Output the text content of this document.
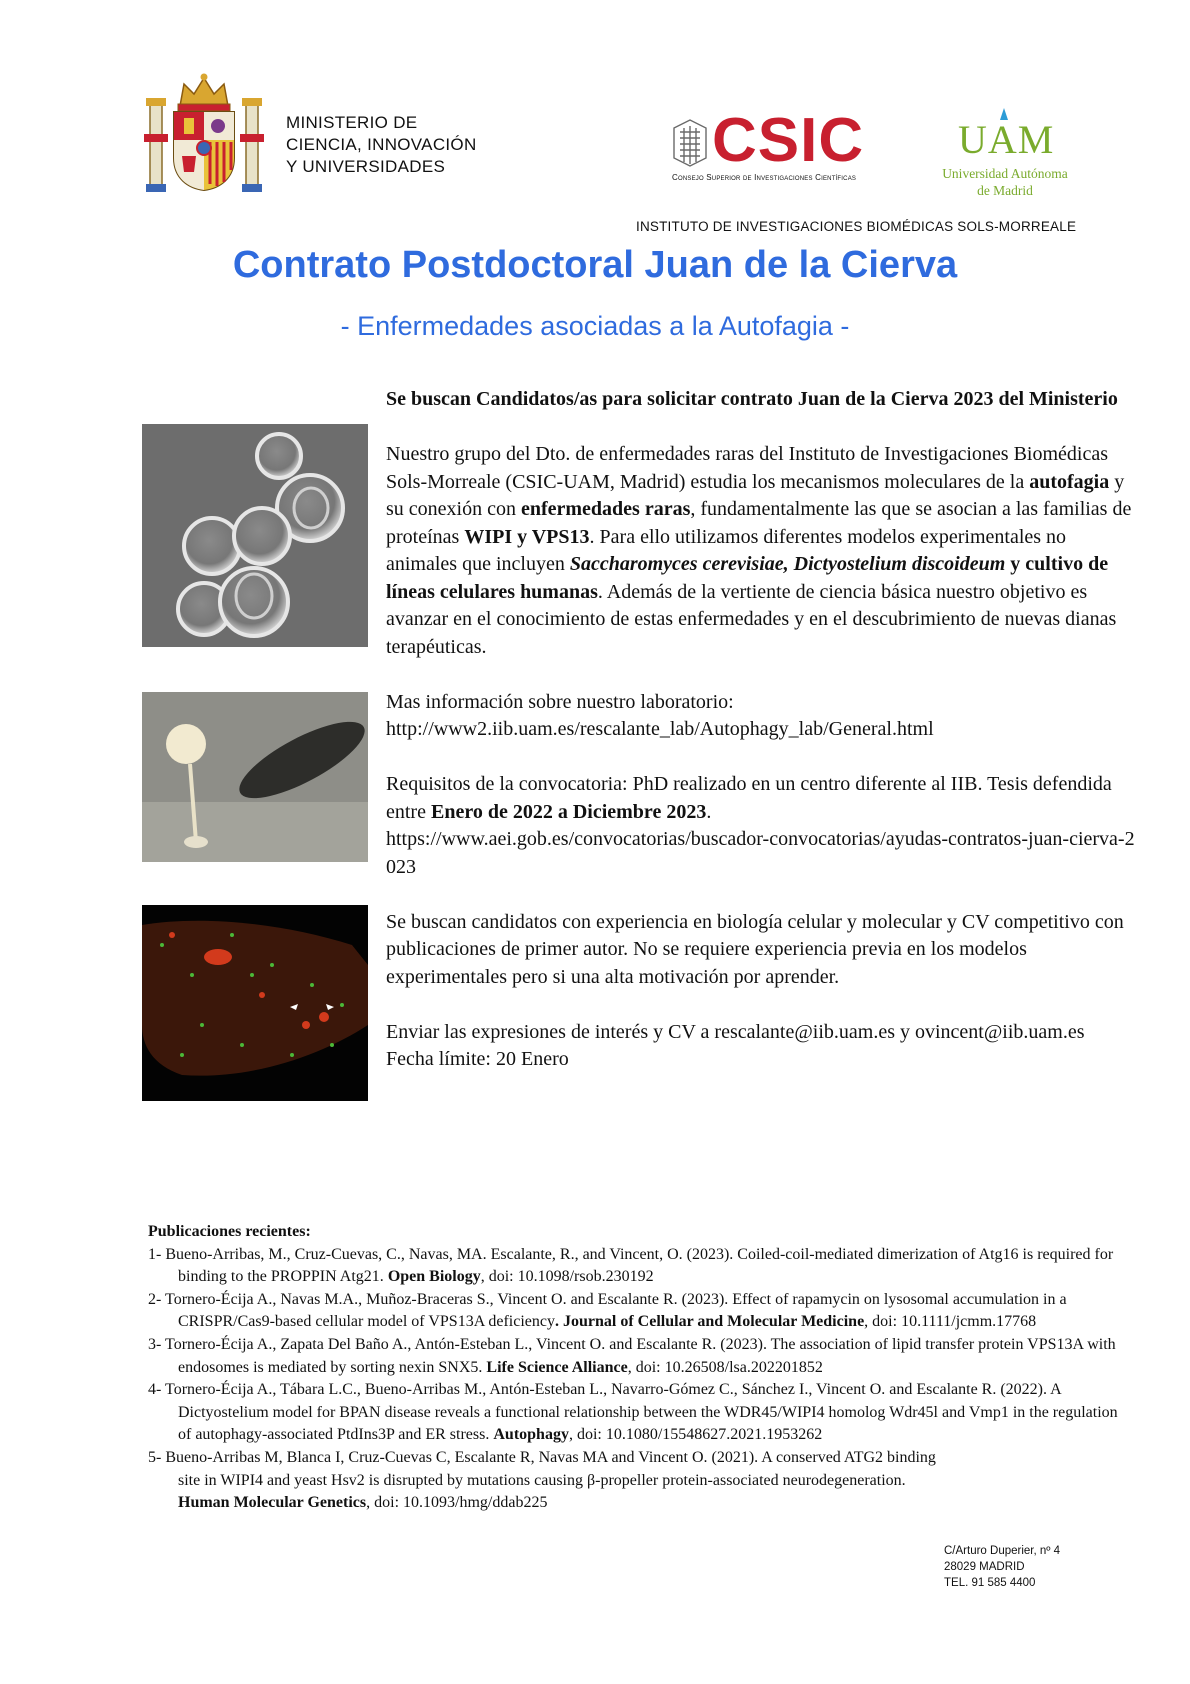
MINISTERIO DE
CIENCIA, INNOVACIÓN
Y UNIVERSIDADES	CSIC
Consejo Superior de Investigaciones Científicas
UAM
Universidad Autónoma
de Madrid
INSTITUTO DE INVESTIGACIONES BIOMÉDICAS SOLS-MORREALE
Contrato Postdoctoral Juan de la Cierva
- Enfermedades asociadas a la Autofagia -

Se buscan Candidatos/as para solicitar contrato Juan de la Cierva 2023 del Ministerio

Nuestro grupo del Dto. de enfermedades raras del Instituto de Investigaciones Biomédicas Sols-Morreale (CSIC-UAM, Madrid) estudia los mecanismos moleculares de la autofagia y su conexión con enfermedades raras, fundamentalmente las que se asocian a las familias de proteínas WIPI y VPS13. Para ello utilizamos diferentes modelos experimentales no animales que incluyen Saccharomyces cerevisiae, Dictyostelium discoideum y cultivo de líneas celulares humanas. Además de la vertiente de ciencia básica nuestro objetivo es avanzar en el conocimiento de estas enfermedades y en el descubrimiento de nuevas dianas terapéuticas.

Mas información sobre nuestro laboratorio:
http://www2.iib.uam.es/rescalante_lab/Autophagy_lab/General.html

Requisitos de la convocatoria: PhD realizado en un centro diferente al IIB. Tesis defendida entre Enero de 2022 a Diciembre 2023.
https://www.aei.gob.es/convocatorias/buscador-convocatorias/ayudas-contratos-juan-cierva-2023

Se buscan candidatos con experiencia en biología celular y molecular y CV competitivo con publicaciones de primer autor. No se requiere experiencia previa en los modelos experimentales pero si una alta motivación por aprender.

Enviar las expresiones de interés y CV a rescalante@iib.uam.es y ovincent@iib.uam.es
Fecha límite: 20 Enero

Publicaciones recientes:
1- Bueno-Arribas, M., Cruz-Cuevas, C., Navas, MA. Escalante, R., and Vincent, O. (2023). Coiled-coil-mediated dimerization of Atg16 is required for binding to the PROPPIN Atg21. Open Biology, doi: 10.1098/rsob.230192
2- Tornero-Écija A., Navas M.A., Muñoz-Braceras S., Vincent O. and Escalante R. (2023). Effect of rapamycin on lysosomal accumulation in a CRISPR/Cas9-based cellular model of VPS13A deficiency. Journal of Cellular and Molecular Medicine, doi: 10.1111/jcmm.17768
3- Tornero-Écija A., Zapata Del Baño A., Antón-Esteban L., Vincent O. and Escalante R. (2023). The association of lipid transfer protein VPS13A with endosomes is mediated by sorting nexin SNX5. Life Science Alliance, doi: 10.26508/lsa.202201852
4- Tornero-Écija A., Tábara L.C., Bueno-Arribas M., Antón-Esteban L., Navarro-Gómez C., Sánchez I., Vincent O. and Escalante R. (2022). A Dictyostelium model for BPAN disease reveals a functional relationship between the WDR45/WIPI4 homolog Wdr45l and Vmp1 in the regulation of autophagy-associated PtdIns3P and ER stress. Autophagy, doi: 10.1080/15548627.2021.1953262
5- Bueno-Arribas M, Blanca I, Cruz-Cuevas C, Escalante R, Navas MA and Vincent O. (2021). A conserved ATG2 binding site in WIPI4 and yeast Hsv2 is disrupted by mutations causing β-propeller protein-associated neurodegeneration. Human Molecular Genetics, doi: 10.1093/hmg/ddab225
C/Arturo Duperier, nº 4
28029 MADRID
TEL. 91 585 4400
